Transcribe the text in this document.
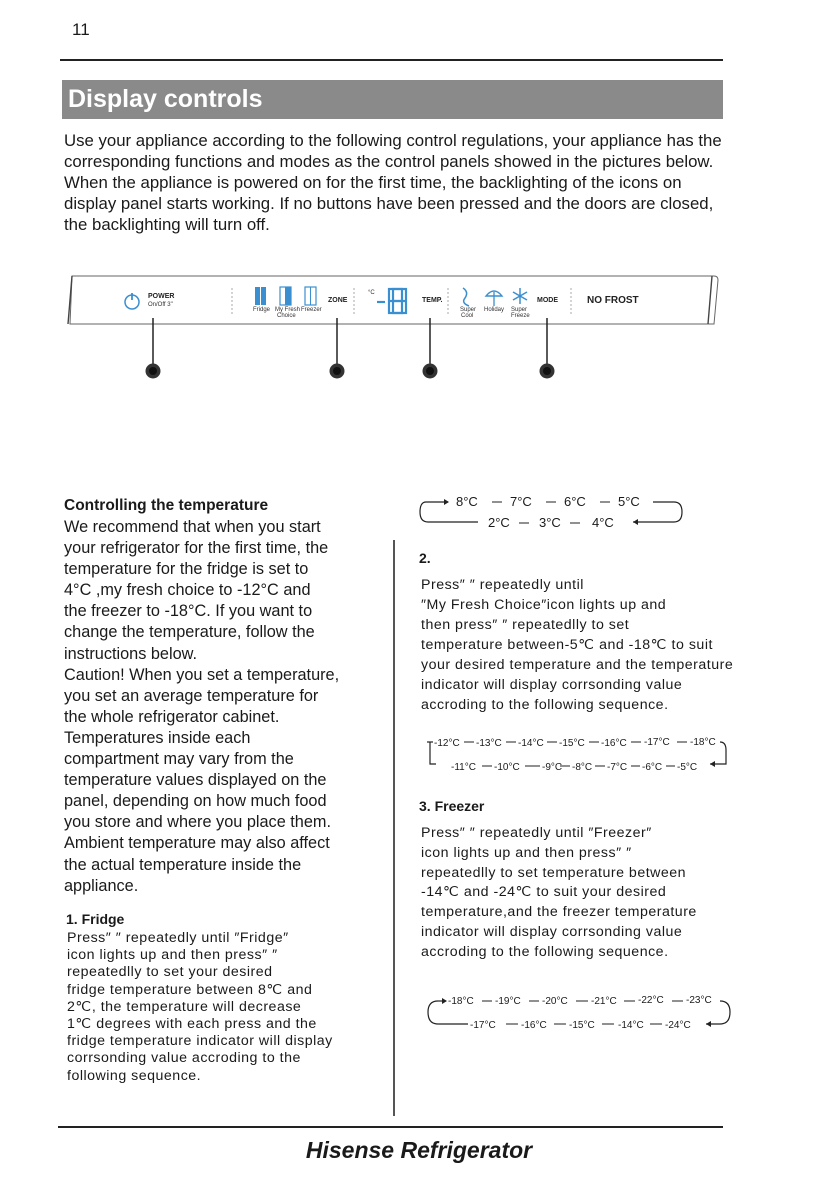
11
Display controls
Use your appliance according to the following control regulations, your appliance has the corresponding functions and modes as the control panels showed in the pictures below. When the appliance is powered on for the first time, the backlighting of the icons on display panel starts working. If no buttons have been pressed and the doors are closed, the backlighting will turn off.
POWER
On/Off 3"
Fridge My Fresh
Choice
Freezer
ZONE
°C
TEMP.
Super
Cool
Holiday Super
Freeze
MODE	NO FROST
Controlling the temperature
We recommend that when you start
your refrigerator for the first time, the
temperature for the fridge is set to
4°C ,my fresh choice to -12°C and
the freezer to -18°C. If you want to
change the temperature, follow the
instructions below.
Caution! When you set a temperature,
you set an average temperature for
the whole refrigerator cabinet.
Temperatures inside each
compartment may vary from the
temperature values displayed on the
panel, depending on how much food
you store and where you place them.
Ambient temperature may also affect
the actual temperature inside the
appliance.
1. Fridge
Press″ ″ repeatedly until ″Fridge″
icon lights up and then press″ ″
repeatedlly to set your desired
fridge temperature between 8℃ and
2℃, the temperature will decrease
1℃ degrees with each press and the
fridge temperature indicator will display
corrsonding value accroding to the
following sequence.
8°C 7°C 6°C 5°C
2°C 3°C 4°C
2.
Press″ ″ repeatedly until
″My Fresh Choice″icon lights up and
then press″ ″ repeatedlly to set
temperature between-5℃ and -18℃ to suit
your desired temperature and the temperature
indicator will display corrsonding value
accroding to the following sequence.
-12°C -13°C -14°C -15°C -16°C -17°C -18°C
-11°C -10°C -9°C -8°C -7°C -6°C -5°C
3. Freezer
Press″ ″ repeatedly until ″Freezer″
icon lights up and then press″ ″
repeatedlly to set temperature between
-14℃ and -24℃ to suit your desired
temperature,and the freezer temperature
indicator will display corrsonding value
accroding to the following sequence.
-18°C -19°C -20°C -21°C -22°C -23°C
-17°C	-16°C -15°C -14°C -24°C
Hisense Refrigerator
